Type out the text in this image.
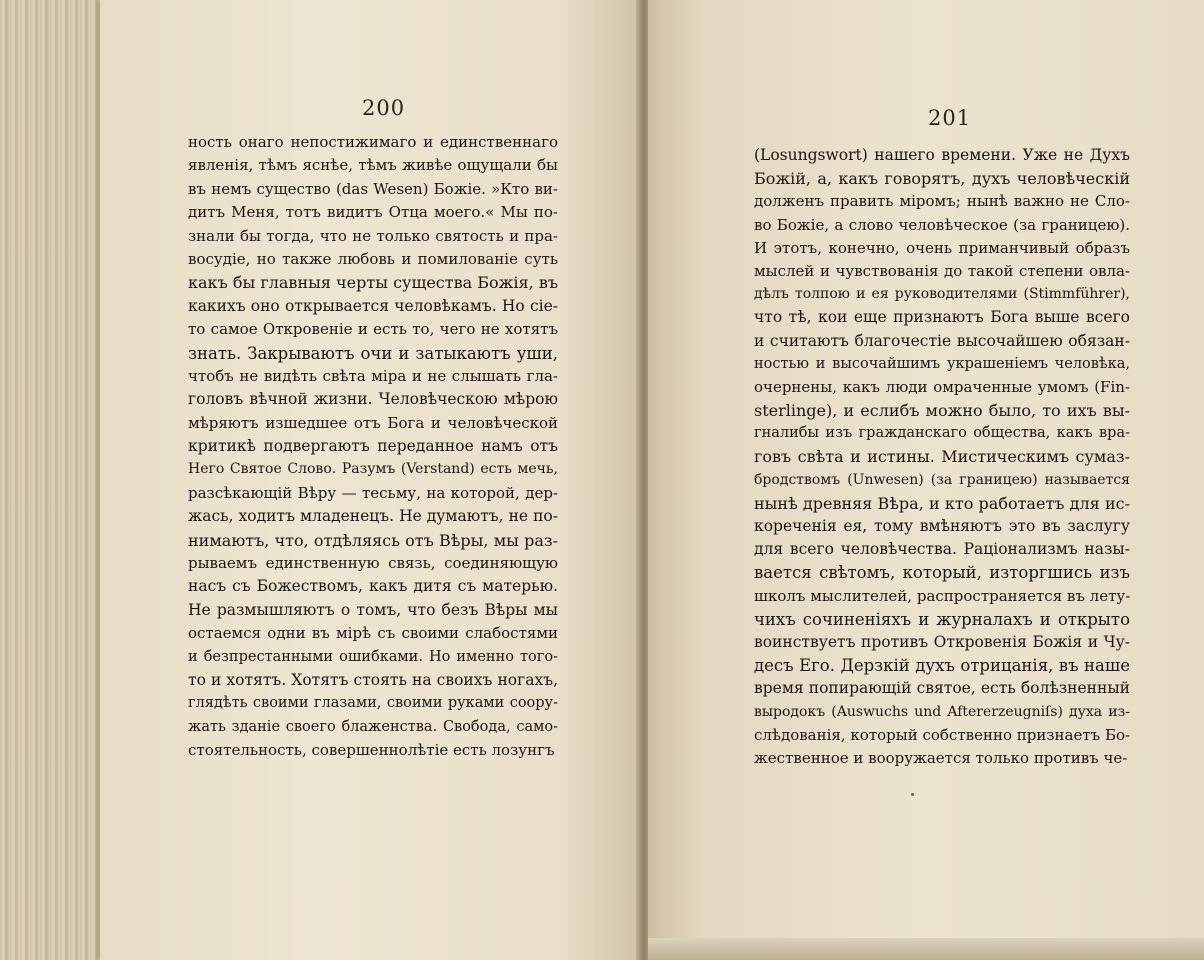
200
ность онаго непостижимаго и единственнаго
явленія, тѣмъ яснѣе, тѣмъ живѣе ощущали бы
въ немъ существо (das Wesen) Божіе. »Кто ви-
дитъ Меня, тотъ видитъ Отца моего.« Мы по-
знали бы тогда, что не только святость и пра-
восудіе, но также любовь и помилованіе суть
какъ бы главныя черты существа Божія, въ
какихъ оно открывается человѣкамъ. Но сіе-
то самое Откровеніе и есть то, чего не хотятъ
знать. Закрываютъ очи и затыкаютъ уши,
чтобъ не видѣть свѣта міра и не слышать гла-
головъ вѣчной жизни. Человѣческою мѣрою
мѣряютъ изшедшее отъ Бога и человѣческой
критикѣ подвергаютъ переданное намъ отъ
Него Святое Слово. Разумъ (Verstand) есть мечь,
разсѣкающій Вѣру — тесьму, на которой, дер-
жась, ходитъ младенецъ. Не думаютъ, не по-
нимаютъ, что, отдѣляясь отъ Вѣры, мы раз-
рываемъ единственную связь, соединяющую
насъ съ Божествомъ, какъ дитя съ матерью.
Не размышляютъ о томъ, что безъ Вѣры мы
остаемся одни въ мірѣ съ своими слабостями
и безпрестанными ошибками. Но именно того-
то и хотятъ. Хотятъ стоять на своихъ ногахъ,
глядѣть своими глазами, своими руками соору-
жать зданіе своего блаженства. Свобода, само-
стоятельность, совершеннолѣтіе есть лозунгъ
201
(Losungswort) нашего времени. Уже не Духъ
Божій, а, какъ говорятъ, духъ человѣческій
долженъ править міромъ; нынѣ важно не Сло-
во Божіе, а слово человѣческое (за границею).
И этотъ, конечно, очень приманчивый образъ
мыслей и чувствованія до такой степени овла-
дѣлъ толпою и ея руководителями (Stimmführer),
что тѣ, кои еще признаютъ Бога выше всего
и считаютъ благочестіе высочайшею обязан-
ностью и высочайшимъ украшеніемъ человѣка,
очернены, какъ люди омраченные умомъ (Fin-
sterlinge), и еслибъ можно было, то ихъ вы-
гналибы изъ гражданскаго общества, какъ вра-
говъ свѣта и истины. Мистическимъ сумаз-
бродствомъ (Unwesen) (за границею) называется
нынѣ древняя Вѣра, и кто работаетъ для ис-
кореченія ея, тому вмѣняютъ это въ заслугу
для всего человѣчества. Раціонализмъ назы-
вается свѣтомъ, который, изторгшись изъ
школъ мыслителей, распространяется въ лету-
чихъ сочиненіяхъ и журналахъ и открыто
воинствуетъ противъ Откровенія Божія и Чу-
десъ Его. Дерзкій духъ отрицанія, въ наше
время попирающій святое, есть болѣзненный
выродокъ (Auswuchs und Aftererzeugniſs) духа из-
слѣдованія, который собственно признаетъ Бо-
жественное и вооружается только противъ че-
